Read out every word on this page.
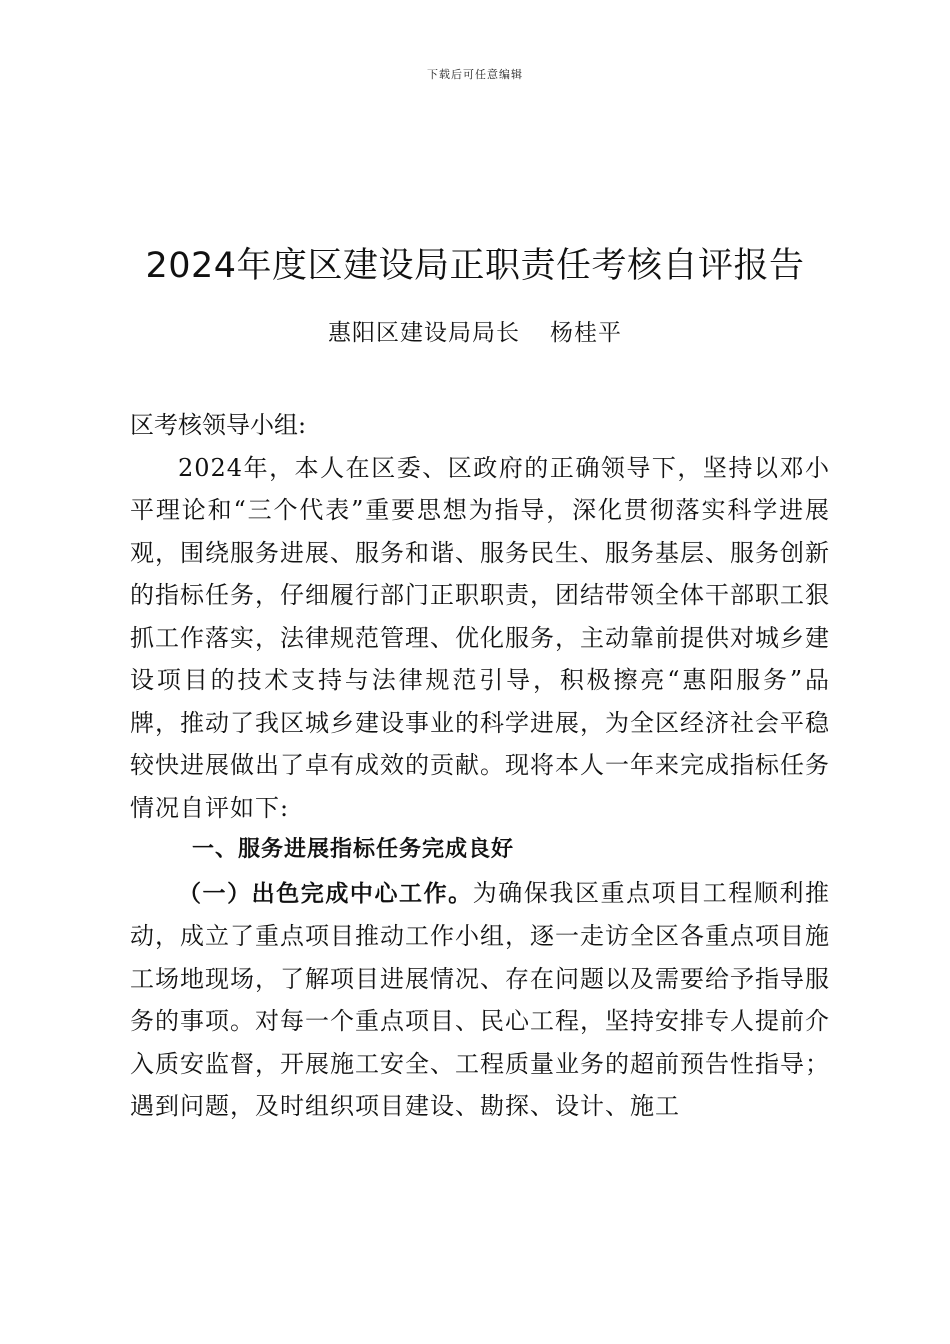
下载后可任意编辑
2024年度区建设局正职责任考核自评报告
惠阳区建设局局长 杨桂平

区考核领导小组:

2024年，本人在区委、区政府的正确领导下，坚持以邓小平理论和“三个代表”重要思想为指导，深化贯彻落实科学进展观，围绕服务进展、服务和谐、服务民生、服务基层、服务创新的指标任务，仔细履行部门正职职责，团结带领全体干部职工狠抓工作落实，法律规范管理、优化服务，主动靠前提供对城乡建设项目的技术支持与法律规范引导，积极擦亮“惠阳服务”品牌，推动了我区城乡建设事业的科学进展，为全区经济社会平稳较快进展做出了卓有成效的贡献。现将本人一年来完成指标任务情况自评如下:

一、服务进展指标任务完成良好

（一）出色完成中心工作。为确保我区重点项目工程顺利推动，成立了重点项目推动工作小组，逐一走访全区各重点项目施工场地现场，了解项目进展情况、存在问题以及需要给予指导服务的事项。对每一个重点项目、民心工程，坚持安排专人提前介入质安监督，开展施工安全、工程质量业务的超前预告性指导；遇到问题，及时组织项目建设、勘探、设计、施工
